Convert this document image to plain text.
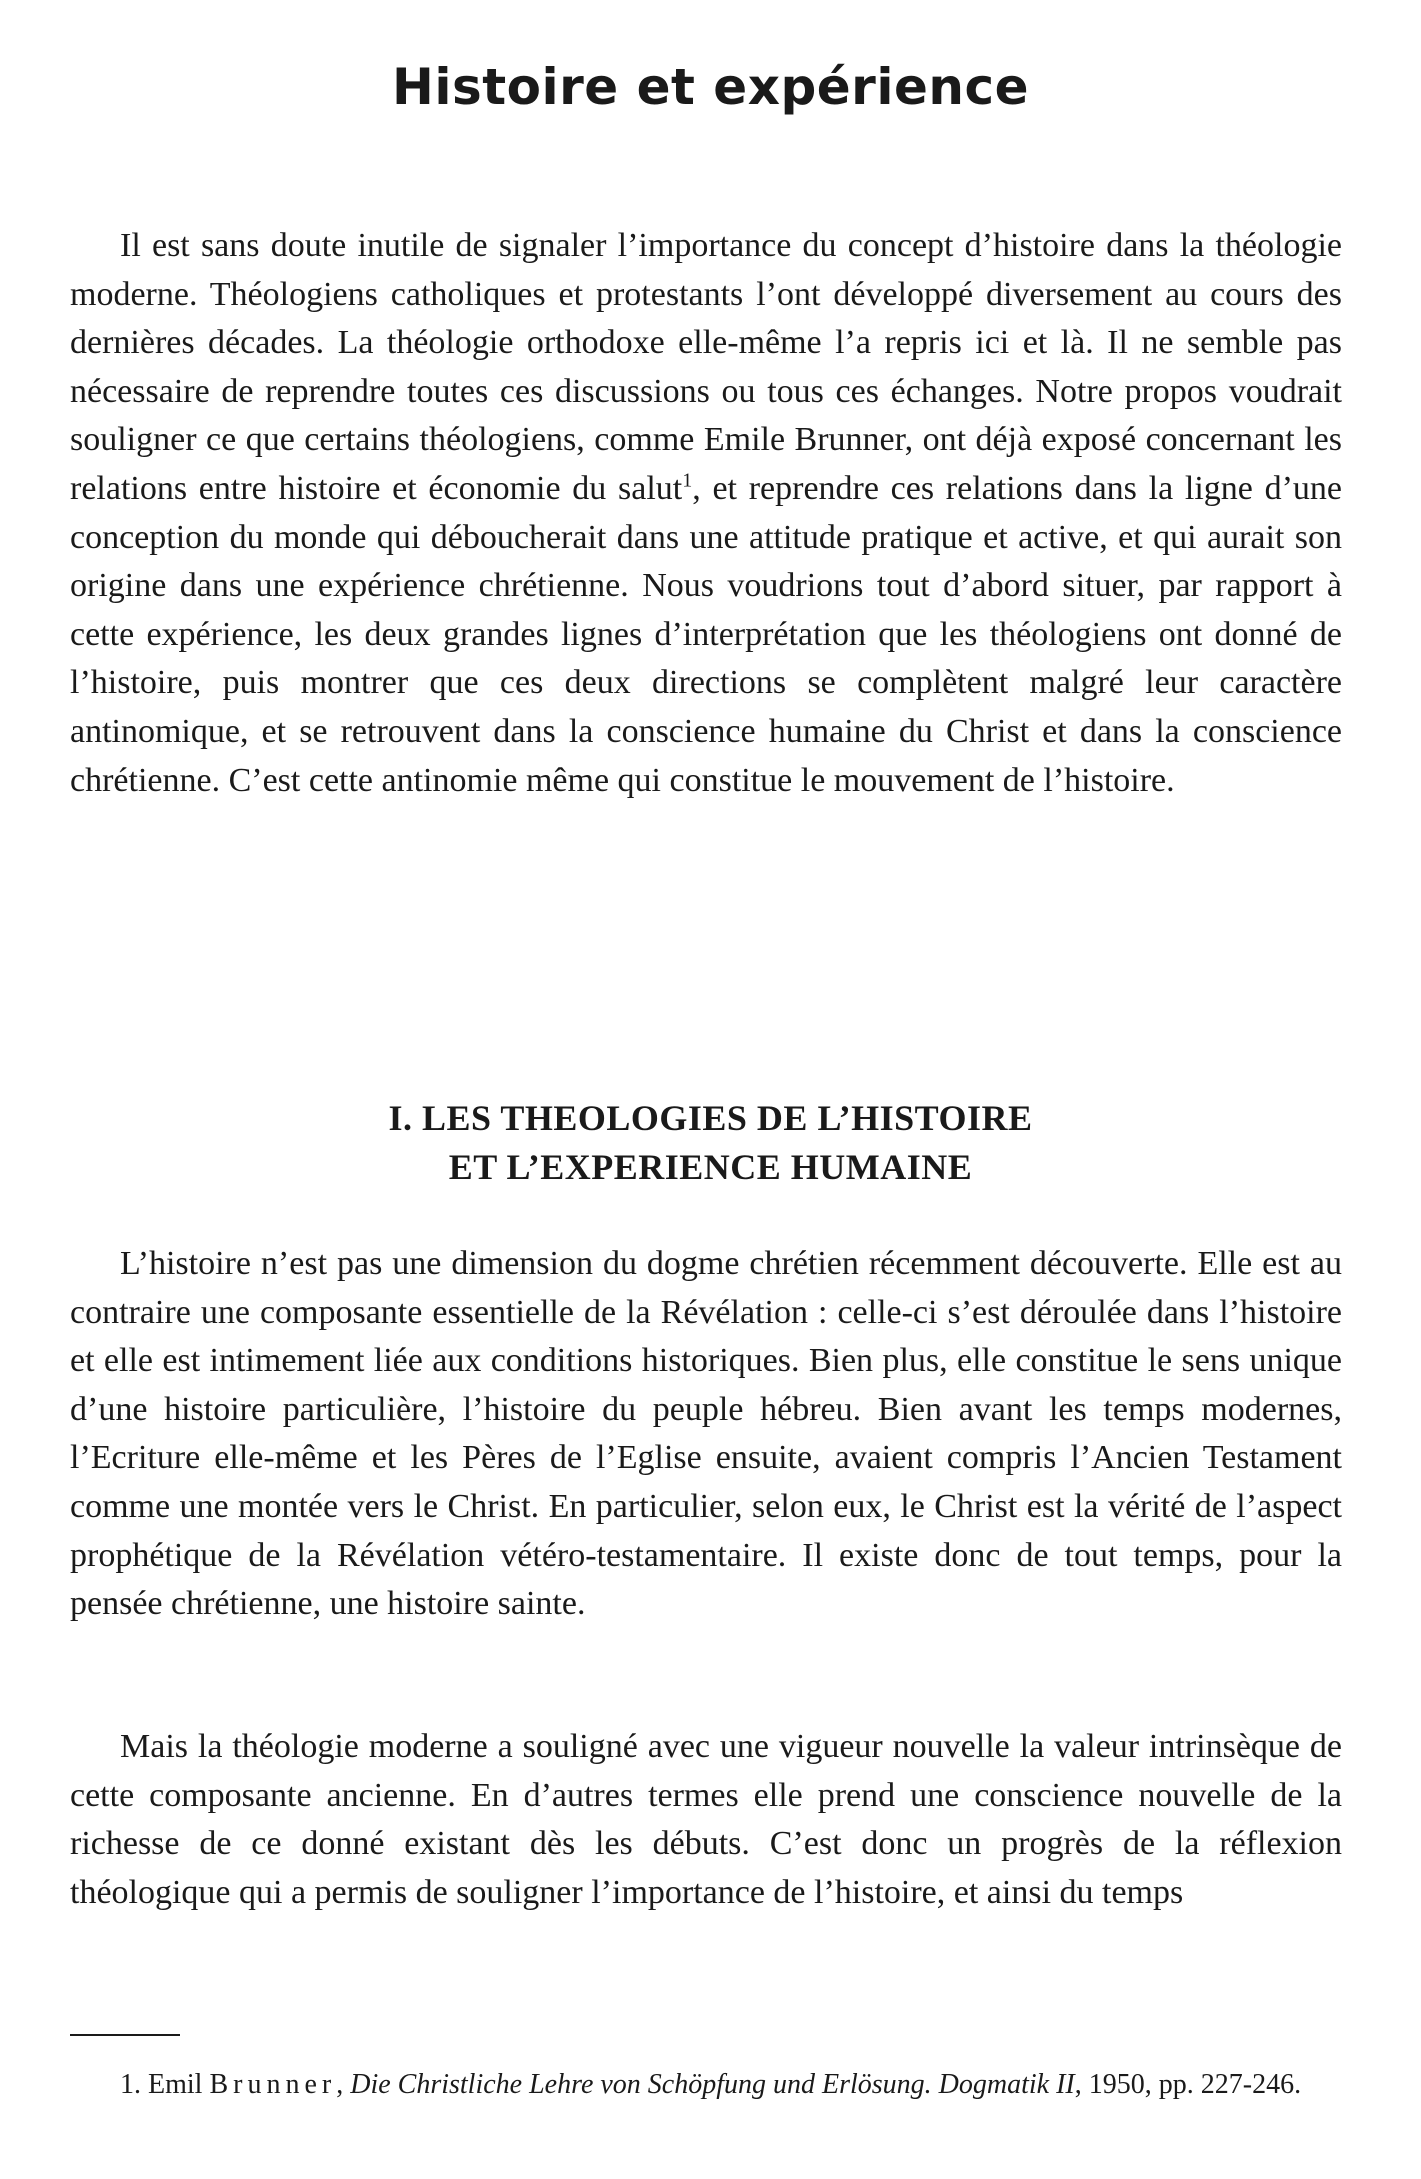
Histoire et expérience

Il est sans doute inutile de signaler l’importance du concept d’histoire dans la théologie moderne. Théologiens catholiques et protestants l’ont développé diversement au cours des dernières décades. La théologie orthodoxe elle-même l’a repris ici et là. Il ne semble pas nécessaire de reprendre toutes ces discussions ou tous ces échanges. Notre propos voudrait souligner ce que certains théologiens, comme Emile Brunner, ont déjà exposé concernant les relations entre histoire et économie du salut$^1$, et reprendre ces relations dans la ligne d’une conception du monde qui déboucherait dans une attitude pratique et active, et qui aurait son origine dans une expérience chrétienne. Nous voudrions tout d’abord situer, par rapport à cette expérience, les deux grandes lignes d’interprétation que les théologiens ont donné de l’histoire, puis montrer que ces deux directions se complètent malgré leur caractère antinomique, et se retrouvent dans la conscience humaine du Christ et dans la conscience chrétienne. C’est cette antinomie même qui constitue le mouvement de l’histoire.

I. LES THEOLOGIES DE L’HISTOIRE
ET L’EXPERIENCE HUMAINE

L’histoire n’est pas une dimension du dogme chrétien récemment découverte. Elle est au contraire une composante essentielle de la Révélation : celle-ci s’est déroulée dans l’histoire et elle est intimement liée aux conditions historiques. Bien plus, elle constitue le sens unique d’une histoire particulière, l’histoire du peuple hébreu. Bien avant les temps modernes, l’Ecriture elle-même et les Pères de l’Eglise ensuite, avaient compris l’Ancien Testament comme une montée vers le Christ. En particulier, selon eux, le Christ est la vérité de l’aspect prophétique de la Révélation vétéro-testamentaire. Il existe donc de tout temps, pour la pensée chrétienne, une histoire sainte.

Mais la théologie moderne a souligné avec une vigueur nouvelle la valeur intrinsèque de cette composante ancienne. En d’autres termes elle prend une conscience nouvelle de la richesse de ce donné existant dès les débuts. C’est donc un progrès de la réflexion théologique qui a permis de souligner l’importance de l’histoire, et ainsi du temps

1. Emil Brunner, Die Christliche Lehre von Schöpfung und Erlösung. Dogmatik II, 1950, pp. 227-246.
